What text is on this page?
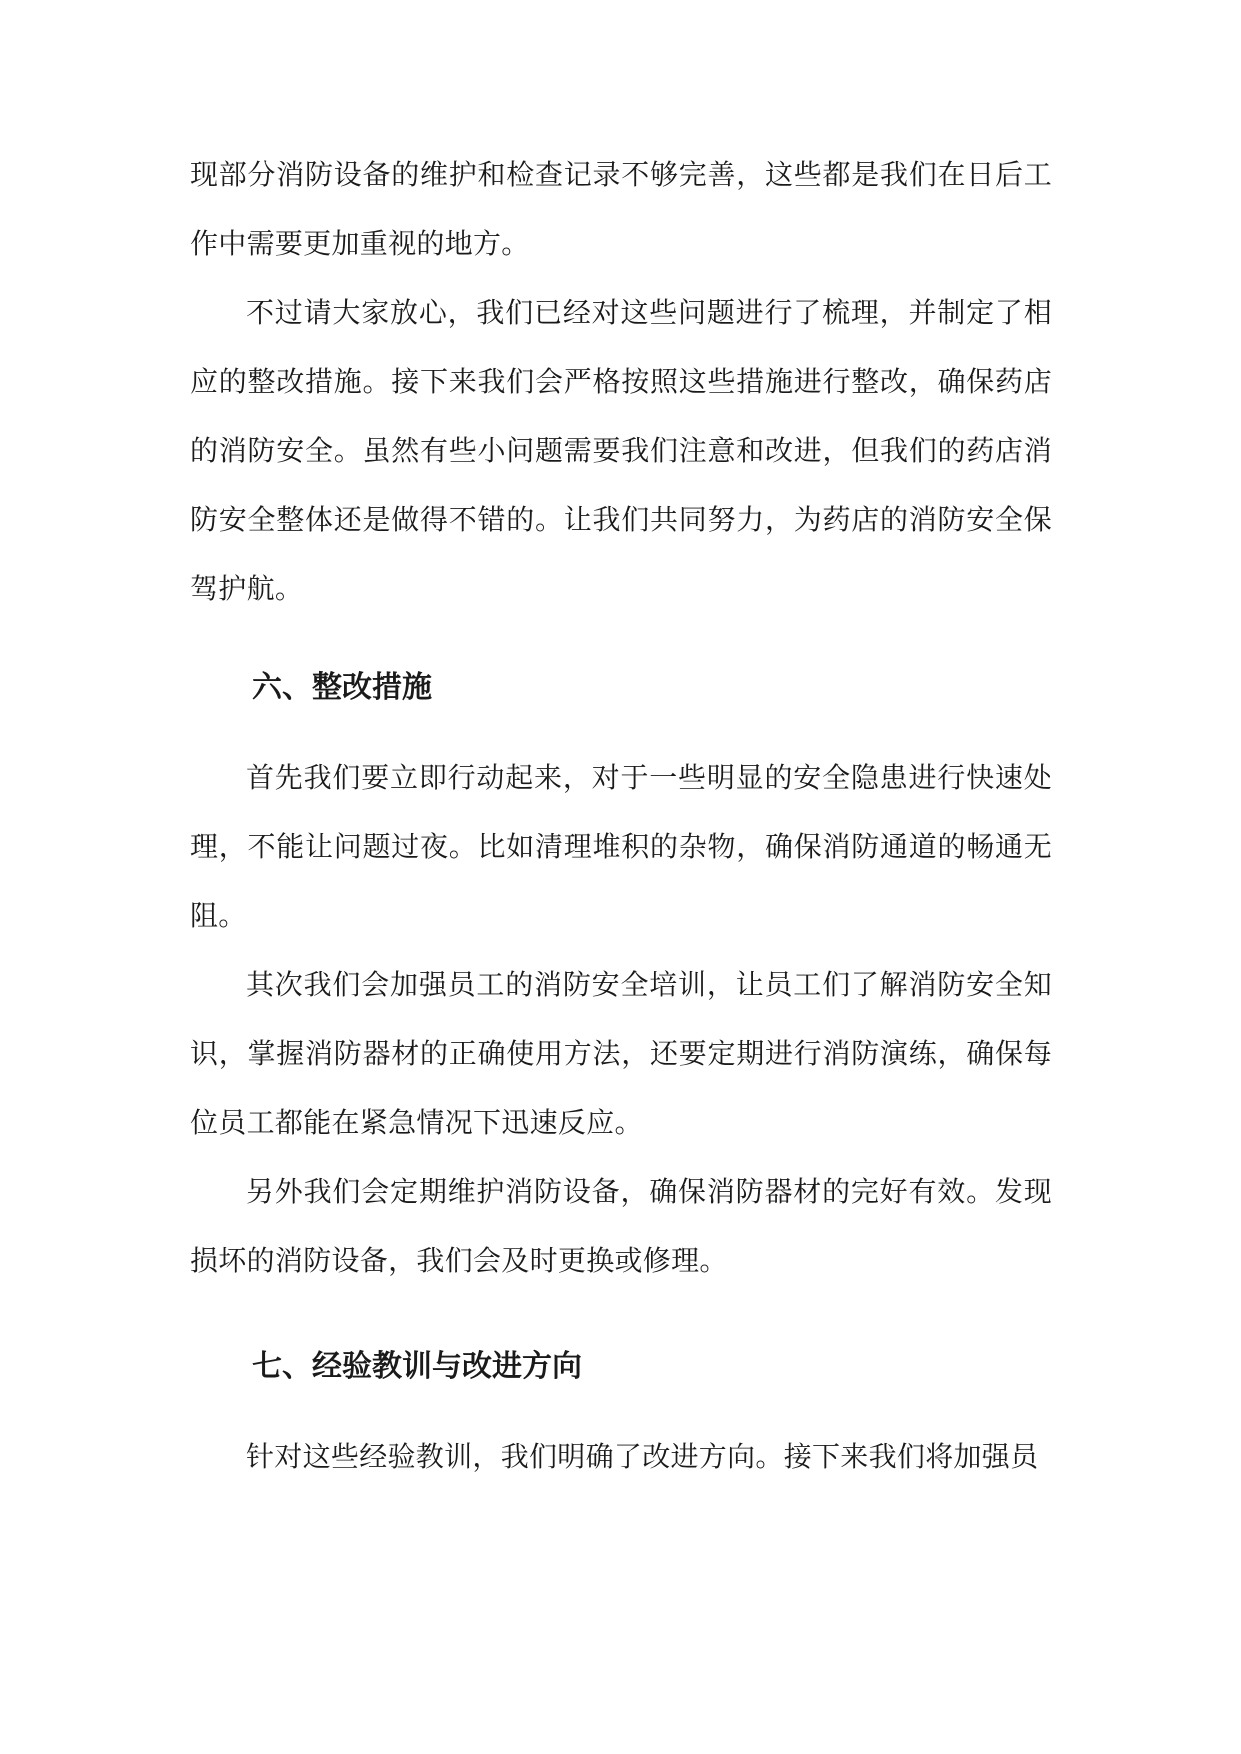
现部分消防设备的维护和检查记录不够完善，这些都是我们在日后工作中需要更加重视的地方。

不过请大家放心，我们已经对这些问题进行了梳理，并制定了相应的整改措施。接下来我们会严格按照这些措施进行整改，确保药店的消防安全。虽然有些小问题需要我们注意和改进，但我们的药店消防安全整体还是做得不错的。让我们共同努力，为药店的消防安全保驾护航。

六、整改措施

首先我们要立即行动起来，对于一些明显的安全隐患进行快速处理，不能让问题过夜。比如清理堆积的杂物，确保消防通道的畅通无阻。

其次我们会加强员工的消防安全培训，让员工们了解消防安全知识，掌握消防器材的正确使用方法，还要定期进行消防演练，确保每位员工都能在紧急情况下迅速反应。

另外我们会定期维护消防设备，确保消防器材的完好有效。发现损坏的消防设备，我们会及时更换或修理。

七、经验教训与改进方向

针对这些经验教训，我们明确了改进方向。接下来我们将加强员
